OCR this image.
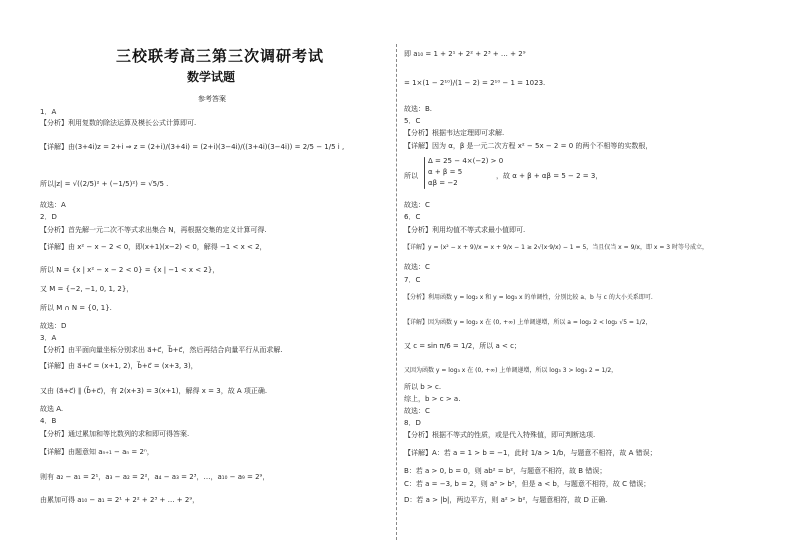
三校联考高三第三次调研考试
数学试题
参考答案
1．A
【分析】利用复数的除法运算及模长公式计算即可.
【详解】由(3+4i)z = 2+i ⇒ z = (2+i)/(3+4i) = (2+i)(3−4i)/((3+4i)(3−4i)) = 2/5 − 1/5 i ,
所以|z| = √((2/5)² + (−1/5)²) = √5/5 .
故选：A
2．D
【分析】首先解一元二次不等式求出集合 N，再根据交集的定义计算可得.
【详解】由 x² − x − 2 < 0，即(x+1)(x−2) < 0，解得 −1 < x < 2，
所以 N = {x | x² − x − 2 < 0} = {x | −1 < x < 2}，
又 M = {−2, −1, 0, 1, 2}，
所以 M ∩ N = {0, 1}.
故选：D
3．A
【分析】由平面向量坐标分别求出 a⃗+c⃗，b⃗+c⃗，然后再结合向量平行从而求解.
【详解】由 a⃗+c⃗ = (x+1, 2)，b⃗+c⃗ = (x+3, 3)，
又由 (a⃗+c⃗) ∥ (b⃗+c⃗)，有 2(x+3) = 3(x+1)，解得 x = 3，故 A 项正确.
故选 A.
4．B
【分析】通过累加和等比数列的求和即可得答案.
【详解】由题意知 aₙ₊₁ − aₙ = 2ⁿ，
则有 a₂ − a₁ = 2¹，a₃ − a₂ = 2²，a₄ − a₃ = 2³，…，a₁₀ − a₉ = 2⁹，
由累加可得 a₁₀ − a₁ = 2¹ + 2² + 2³ + … + 2⁹，
即 a₁₀ = 1 + 2¹ + 2² + 2³ + … + 2⁹
= 1×(1 − 2¹⁰)/(1 − 2) = 2¹⁰ − 1 = 1023.
故选：B.
5．C
【分析】根据韦达定理即可求解.
【详解】因为 α，β 是一元二次方程 x² − 5x − 2 = 0 的两个不相等的实数根，
所以
Δ = 25 − 4×(−2) > 0
α + β = 5
αβ = −2
，故 α + β + αβ = 5 − 2 = 3，
故选：C
6．C
【分析】利用均值不等式求最小值即可.
【详解】y = (x² − x + 9)/x = x + 9/x − 1 ≥ 2√(x·9/x) − 1 = 5，当且仅当 x = 9/x，即 x = 3 时等号成立，
故选：C
7．C
【分析】利用函数 y = log₂ x 和 y = log₃ x 的单调性，分别比较 a、b 与 c 的大小关系即可.
【详解】因为函数 y = log₂ x 在 (0, +∞) 上单调递增，所以 a = log₂ 2 < log₂ √5 = 1/2，
又 c = sin π/6 = 1/2，所以 a < c；
又因为函数 y = log₃ x 在 (0, +∞) 上单调递增，所以 log₃ 3 > log₃ 2 = 1/2，
所以 b > c.
综上，b > c > a.
故选：C
8．D
【分析】根据不等式的性质，或是代入特殊值，即可判断选项.
【详解】A：若 a = 1 > b = −1，此时 1/a > 1/b，与题意不相符，故 A 错误；
B：若 a > 0, b = 0，则 ab² = b²，与题意不相符，故 B 错误；
C：若 a = −3, b = 2，则 a³ > b³，但是 a < b，与题意不相符，故 C 错误；
D：若 a > |b|，两边平方，则 a² > b²，与题意相符，故 D 正确.
